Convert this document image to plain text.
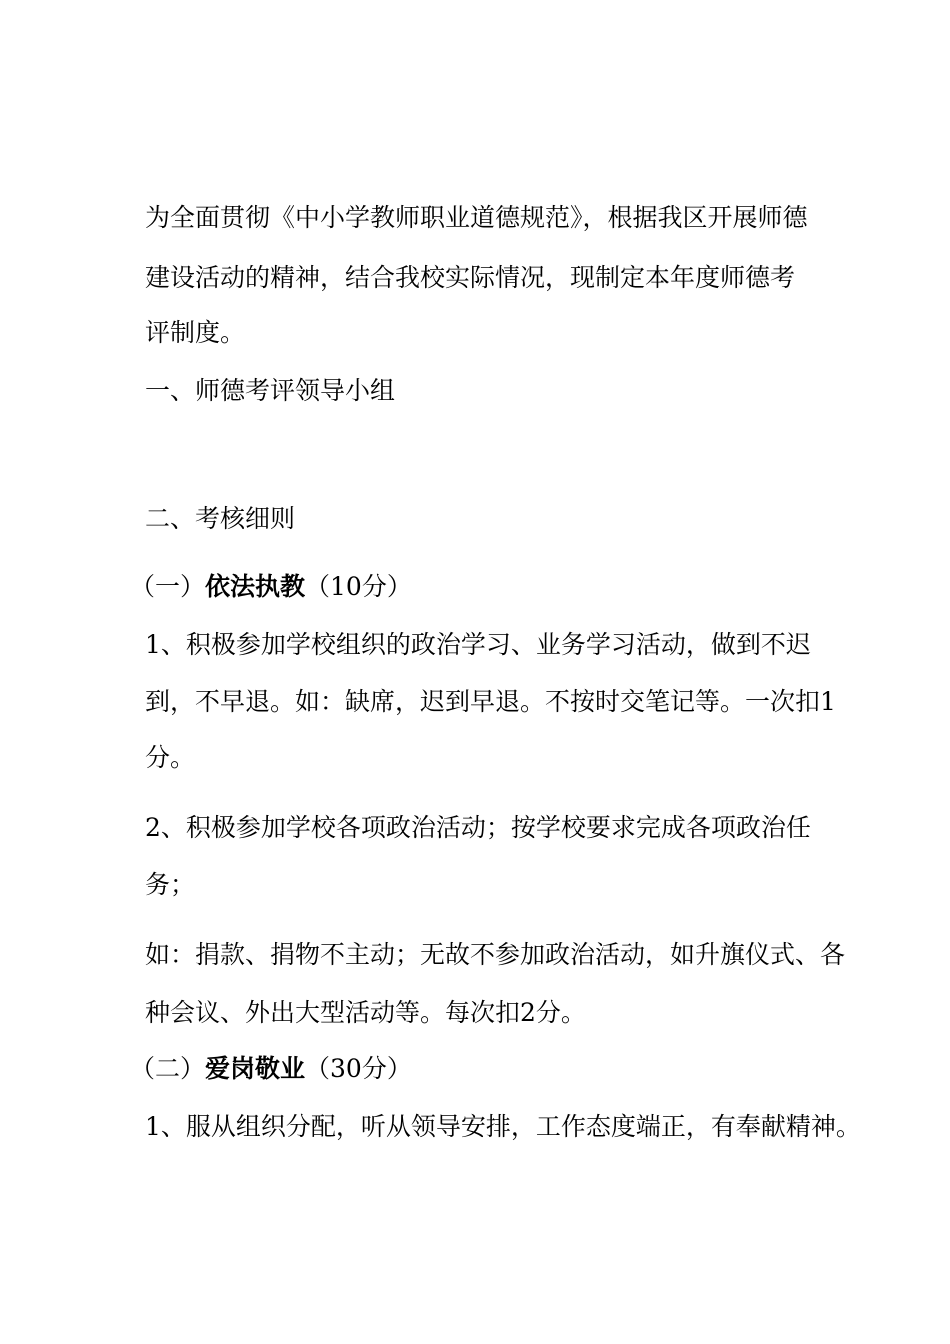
为全面贯彻《中小学教师职业道德规范》，根据我区开展师德
建设活动的精神，结合我校实际情况，现制定本年度师德考
评制度。
一、师德考评领导小组
二、考核细则
（一）依法执教（10分）
1、积极参加学校组织的政治学习、业务学习活动，做到不迟
到，不早退。如：缺席，迟到早退。不按时交笔记等。一次扣1
分。
2、积极参加学校各项政治活动；按学校要求完成各项政治任
务；
如：捐款、捐物不主动；无故不参加政治活动，如升旗仪式、各
种会议、外出大型活动等。每次扣2分。
（二）爱岗敬业（30分）
1、服从组织分配，听从领导安排，工作态度端正，有奉献精神。
